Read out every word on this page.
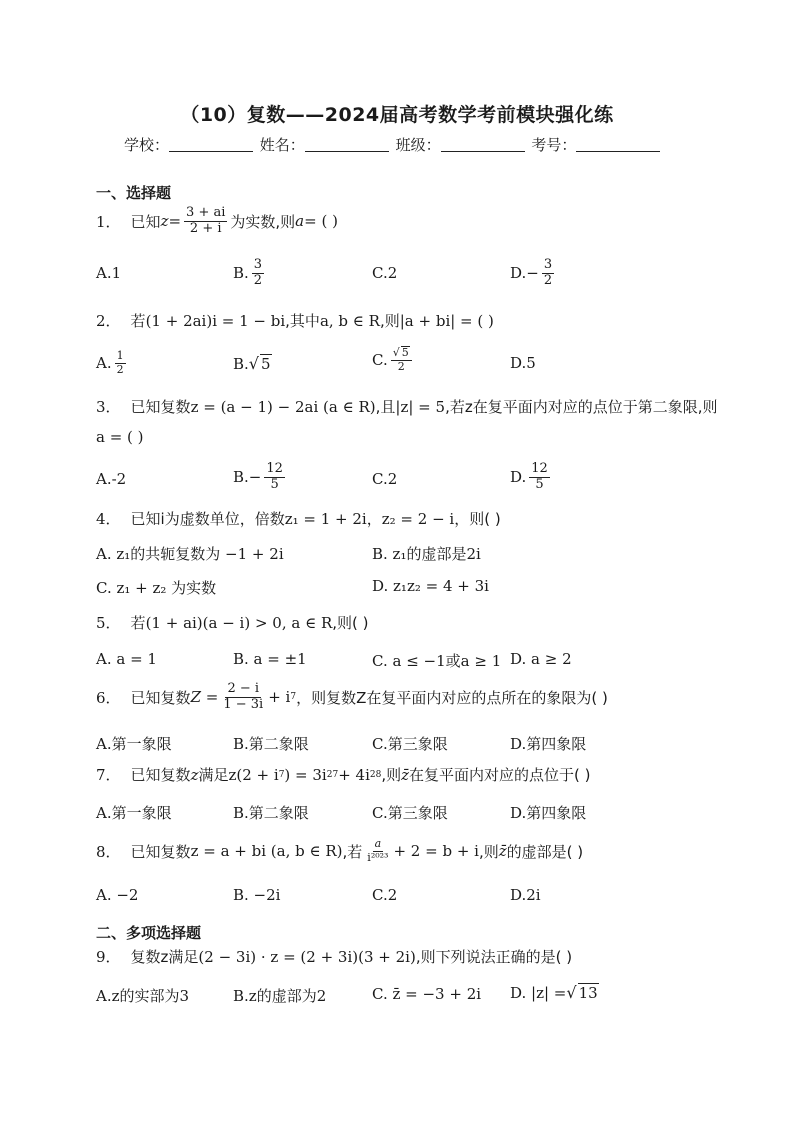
（10）复数——2024届高考数学考前模块强化练
学校：	姓名：	班级：	考号：
一、选择题
1． 已知 $z = \frac{3 + ai}{2 + i}$ 为实数,则 a = ( )
A.1	B. $\frac{3}{2}$	C.2	$D.- \frac{3}{2}$
2． 若 (1 + 2ai)i = 1 − bi ,其中 a, b ∈ R ,则 |a + bi| = ( )
A. $\frac{1}{2}$	B. √ 5	C. $\frac{√ 5}{2}$	D.5
3． 已知复数 z = (a − 1) − 2ai (a ∈ R) ,且 |z| = 5 ,若z在复平面内对应的点位于第二象限,则
a = ( )
A.-2	$B.- \frac{12}{5}$	C.2	D. $\frac{12}{5}$
4． 已知i为虚数单位，倍数 z₁ = 1 + 2i ， z₂ = 2 − i ，则( )
A. z₁的共轭复数为 −1 + 2i	B. z₁的虚部是2i
C. z₁ + z₂ 为实数	D. z₁z₂ = 4 + 3i
5． 若 (1 + ai)(a − i) > 0, a ∈ R ,则( )
A. a = 1	B. a = ±1	C. a ≤ −1 或 a ≥ 1 D. a ≥ 2
6． 已知复数 $Z = \frac{2 - i}{1 - 3i} + i$ 7 ，则复数Z在复平面内对应的点所在的象限为( )
A.第一象限	B.第二象限	C.第三象限	D.第四象限
7． 已知复数 z 满足 z(2 + i 7 ) = 3i 27 + 4i 28 ,则 z̄ 在复平面内对应的点位于( )
A.第一象限	B.第二象限	C.第三象限	D.第四象限
8． 已知复数 z = a + bi (a, b ∈ R) ,若 $\frac{a}{\text{i²⁰²³}} + 2 = b + i$ ,则 z̄ 的虚部是( )
A. −2	B. −2i	C.2	D.2i
二、多项选择题
9． 复数z满足 (2 − 3i) · z = (2 + 3i)(3 + 2i) ,则下列说法正确的是( )
A.z的实部为3	B.z的虚部为2	C. z̄ = −3 + 2i D. |z| = √ 13
